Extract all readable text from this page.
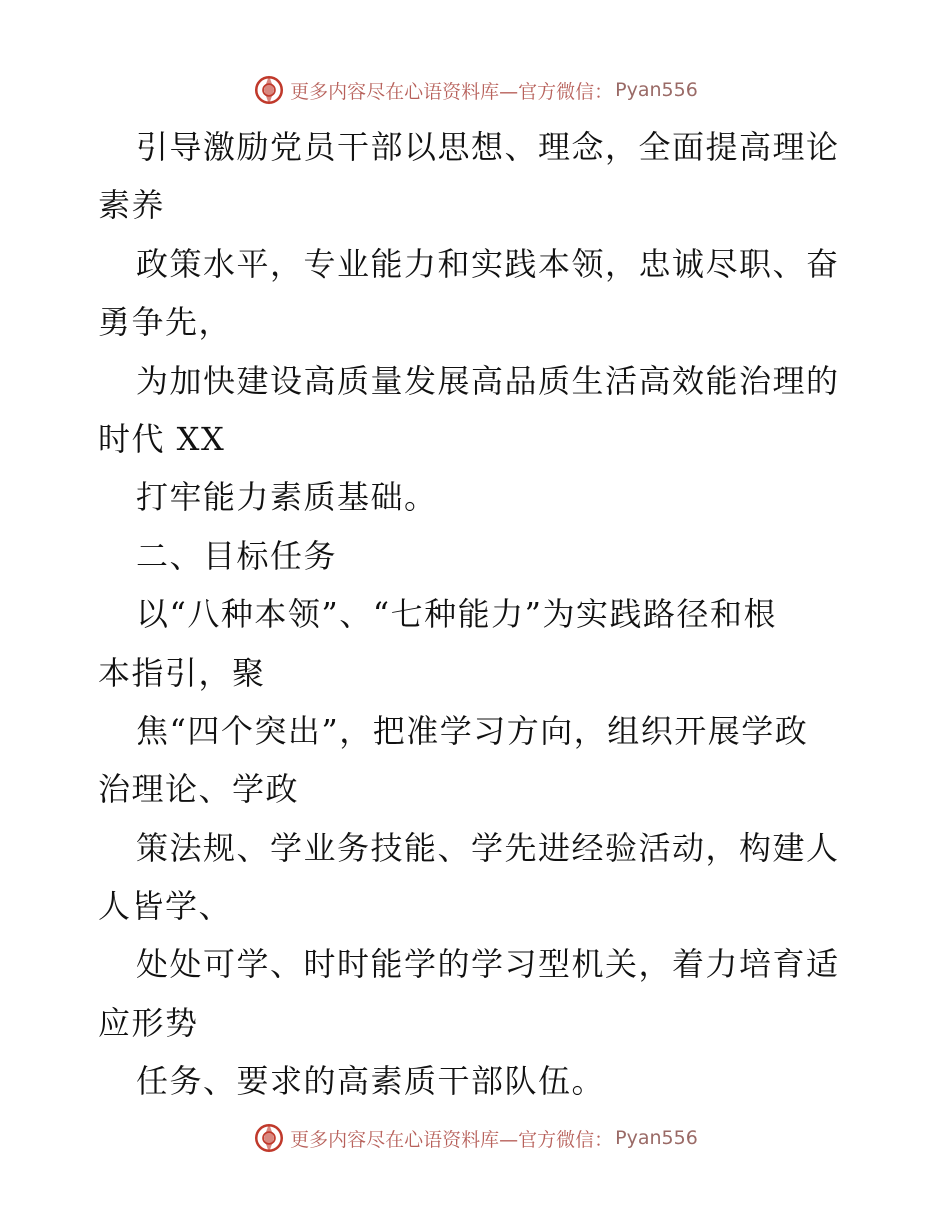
更多内容尽在心语资料库—官方微信： Pyan556
引导激励党员干部以思想、理念，全面提高理论
素养
政策水平，专业能力和实践本领，忠诚尽职、奋
勇争先，
为加快建设高质量发展高品质生活高效能治理的
时代 XX
打牢能力素质基础。
二、目标任务
以“八种本领”、“七种能力”为实践路径和根
本指引，聚
焦“四个突出”，把准学习方向，组织开展学政
治理论、学政
策法规、学业务技能、学先进经验活动，构建人
人皆学、
处处可学、时时能学的学习型机关，着力培育适
应形势
任务、要求的高素质干部队伍。
更多内容尽在心语资料库—官方微信： Pyan556
